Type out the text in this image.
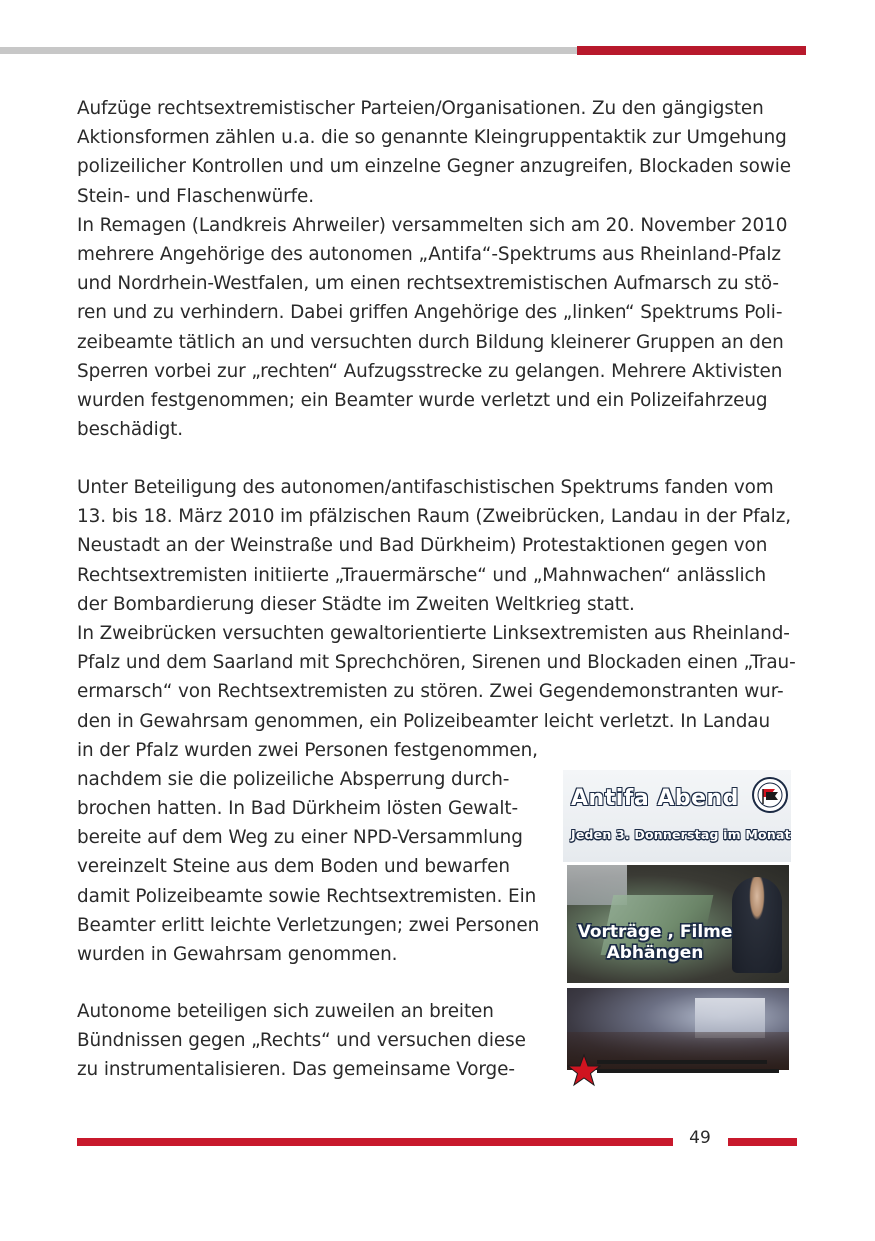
Aufzüge rechtsextremistischer Parteien/Organisationen. Zu den gängigsten
Aktionsformen zählen u.a. die so genannte Kleingruppentaktik zur Umgehung
polizeilicher Kontrollen und um einzelne Gegner anzugreifen, Blockaden sowie
Stein- und Flaschenwürfe.
In Remagen (Landkreis Ahrweiler) versammelten sich am 20. November 2010
mehrere Angehörige des autonomen „Antifa“-Spektrums aus Rheinland-Pfalz
und Nordrhein-Westfalen, um einen rechtsextremistischen Aufmarsch zu stö-
ren und zu verhindern. Dabei griffen Angehörige des „linken“ Spektrums Poli-
zeibeamte tätlich an und versuchten durch Bildung kleinerer Gruppen an den
Sperren vorbei zur „rechten“ Aufzugsstrecke zu gelangen. Mehrere Aktivisten
wurden festgenommen; ein Beamter wurde verletzt und ein Polizeifahrzeug
beschädigt.
Unter Beteiligung des autonomen/antifaschistischen Spektrums fanden vom
13. bis 18. März 2010 im pfälzischen Raum (Zweibrücken, Landau in der Pfalz,
Neustadt an der Weinstraße und Bad Dürkheim) Protestaktionen gegen von
Rechtsextremisten initiierte „Trauermärsche“ und „Mahnwachen“ anlässlich
der Bombardierung dieser Städte im Zweiten Weltkrieg statt.
In Zweibrücken versuchten gewaltorientierte Linksextremisten aus Rheinland-
Pfalz und dem Saarland mit Sprechchören, Sirenen und Blockaden einen „Trau-
ermarsch“ von Rechtsextremisten zu stören. Zwei Gegendemonstranten wur-
den in Gewahrsam genommen, ein Polizeibeamter leicht verletzt. In Landau
in der Pfalz wurden zwei Personen festgenommen,
nachdem sie die polizeiliche Absperrung durch-
brochen hatten. In Bad Dürkheim lösten Gewalt-
bereite auf dem Weg zu einer NPD-Versammlung
vereinzelt Steine aus dem Boden und bewarfen
damit Polizeibeamte sowie Rechtsextremisten. Ein
Beamter erlitt leichte Verletzungen; zwei Personen
wurden in Gewahrsam genommen.
Autonome beteiligen sich zuweilen an breiten
Bündnissen gegen „Rechts“ und versuchen diese
zu instrumentalisieren. Das gemeinsame Vorge-
Antifa Abend
Jeden 3. Donnerstag im Monat
Vorträge , Filme
Abhängen
49
